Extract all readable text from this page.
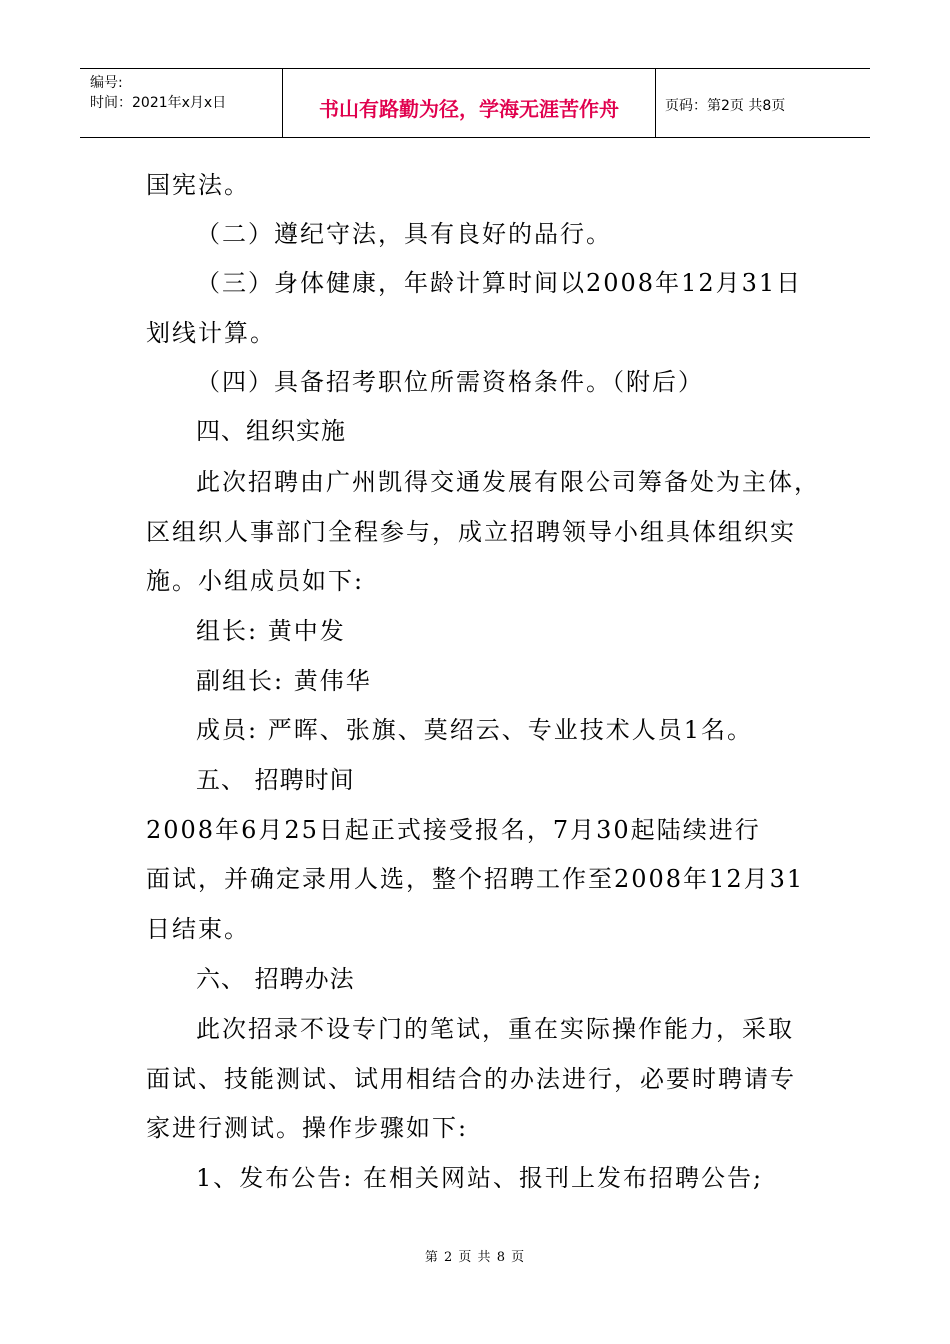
编号:
时间：2021年x月x日	书山有路勤为径，学海无涯苦作舟	页码：第2页 共8页
国宪法。
（二）遵纪守法，具有良好的品行。
（三）身体健康，年龄计算时间以2008年12月31日
划线计算。
（四）具备招考职位所需资格条件。（附后）
四、组织实施
此次招聘由广州凯得交通发展有限公司筹备处为主体，
区组织人事部门全程参与，成立招聘领导小组具体组织实
施。小组成员如下:
组长: 黄中发
副组长: 黄伟华
成员: 严晖、张旗、莫绍云、专业技术人员1名。
五、 招聘时间
2008年6月25日起正式接受报名，7月30起陆续进行
面试，并确定录用人选，整个招聘工作至2008年12月31
日结束。
六、 招聘办法
此次招录不设专门的笔试，重在实际操作能力，采取
面试、技能测试、试用相结合的办法进行，必要时聘请专
家进行测试。操作步骤如下:
1、发布公告: 在相关网站、报刊上发布招聘公告;
第 2 页 共 8 页
